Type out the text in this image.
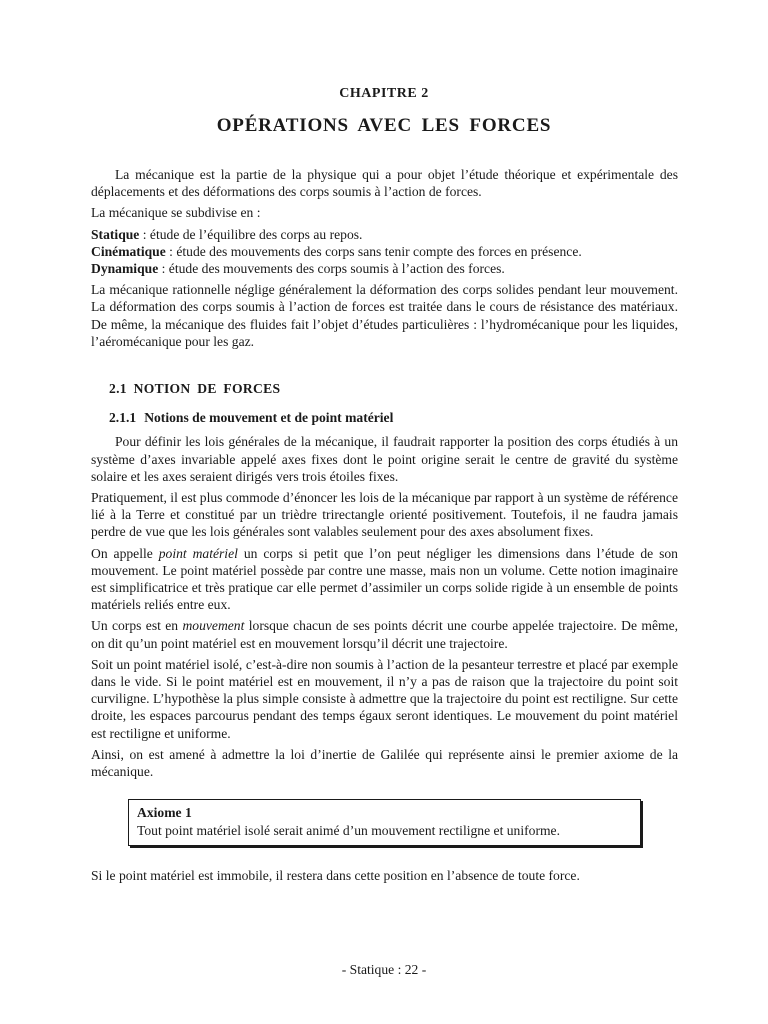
CHAPITRE 2
OPÉRATIONS AVEC LES FORCES

La mécanique est la partie de la physique qui a pour objet l’étude théorique et expérimentale des déplacements et des déformations des corps soumis à l’action de forces.

La mécanique se subdivise en :

Statique : étude de l’équilibre des corps au repos.
Cinématique : étude des mouvements des corps sans tenir compte des forces en présence.
Dynamique : étude des mouvements des corps soumis à l’action des forces.

La mécanique rationnelle néglige généralement la déformation des corps solides pendant leur mouvement. La déformation des corps soumis à l’action de forces est traitée dans le cours de résistance des matériaux. De même, la mécanique des fluides fait l’objet d’études particulières : l’hydromécanique pour les liquides, l’aéromécanique pour les gaz.

2.1 NOTION DE FORCES
2.1.1 Notions de mouvement et de point matériel

Pour définir les lois générales de la mécanique, il faudrait rapporter la position des corps étudiés à un système d’axes invariable appelé axes fixes dont le point origine serait le centre de gravité du système solaire et les axes seraient dirigés vers trois étoiles fixes.

Pratiquement, il est plus commode d’énoncer les lois de la mécanique par rapport à un système de référence lié à la Terre et constitué par un trièdre trirectangle orienté positivement. Toutefois, il ne faudra jamais perdre de vue que les lois générales sont valables seulement pour des axes absolument fixes.

On appelle point matériel un corps si petit que l’on peut négliger les dimensions dans l’étude de son mouvement. Le point matériel possède par contre une masse, mais non un volume. Cette notion imaginaire est simplificatrice et très pratique car elle permet d’assimiler un corps solide rigide à un ensemble de points matériels reliés entre eux.

Un corps est en mouvement lorsque chacun de ses points décrit une courbe appelée trajectoire. De même, on dit qu’un point matériel est en mouvement lorsqu’il décrit une trajectoire.

Soit un point matériel isolé, c’est-à-dire non soumis à l’action de la pesanteur terrestre et placé par exemple dans le vide. Si le point matériel est en mouvement, il n’y a pas de raison que la trajectoire du point soit curviligne. L’hypothèse la plus simple consiste à admettre que la trajectoire du point est rectiligne. Sur cette droite, les espaces parcourus pendant des temps égaux seront identiques. Le mouvement du point matériel est rectiligne et uniforme.

Ainsi, on est amené à admettre la loi d’inertie de Galilée qui représente ainsi le premier axiome de la mécanique.

Axiome 1
Tout point matériel isolé serait animé d’un mouvement rectiligne et uniforme.

Si le point matériel est immobile, il restera dans cette position en l’absence de toute force.

- Statique : 22 -
